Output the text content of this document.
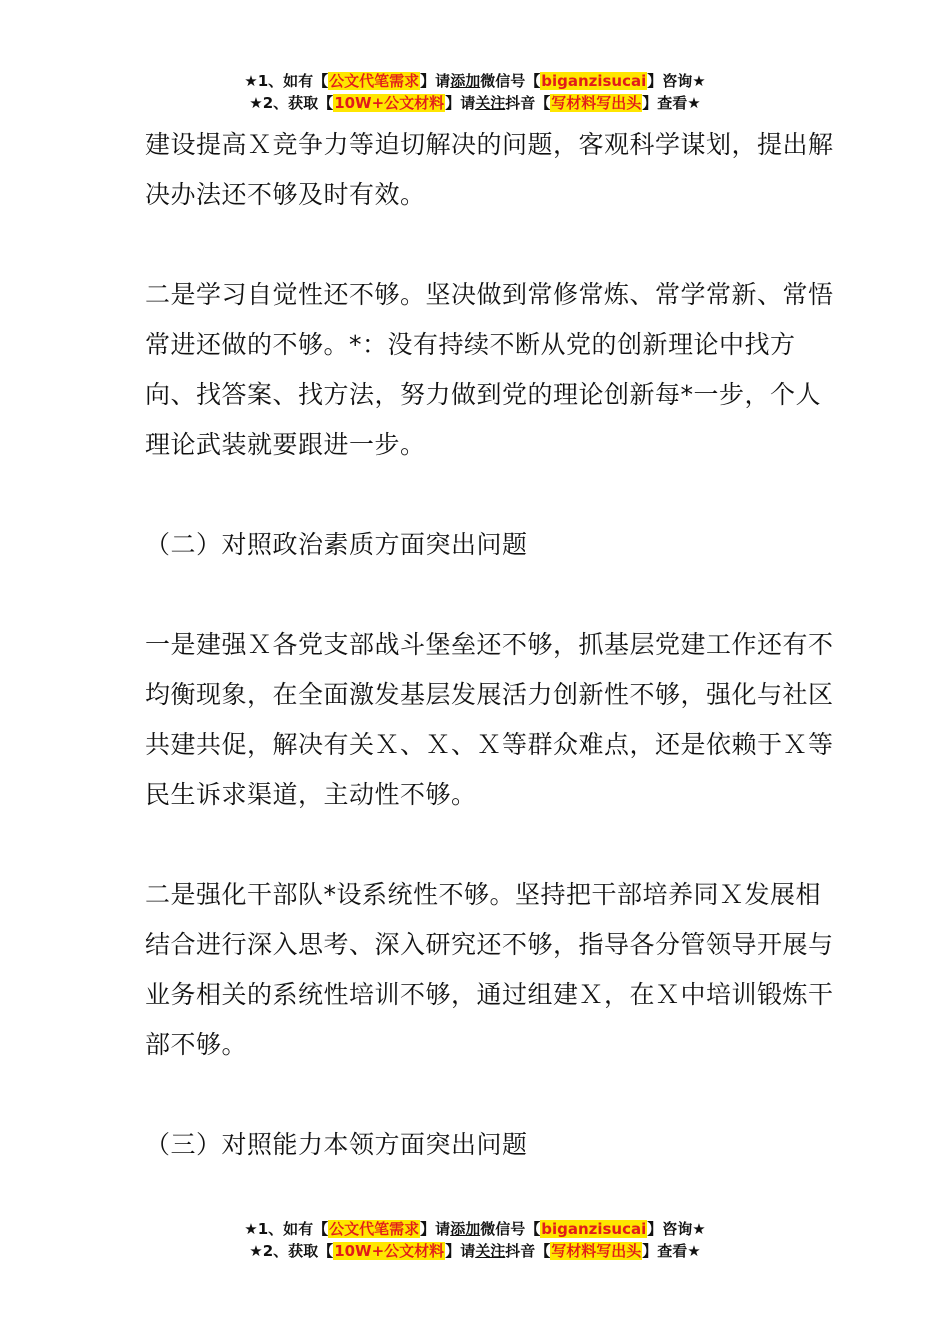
★1、如有【公文代笔需求】请添加微信号【biganzisucai】咨询★
★2、获取【10W+公文材料】请关注抖音【写材料写出头】查看★

建设提高Ｘ竞争力等迫切解决的问题，客观科学谋划，提出解决办法还不够及时有效。

二是学习自觉性还不够。坚决做到常修常炼、常学常新、常悟常进还做的不够。*：没有持续不断从党的创新理论中找方向、找答案、找方法，努力做到党的理论创新每*一步，个人理论武装就要跟进一步。

（二）对照政治素质方面突出问题

一是建强Ｘ各党支部战斗堡垒还不够，抓基层党建工作还有不均衡现象，在全面激发基层发展活力创新性不够，强化与社区共建共促，解决有关Ｘ、Ｘ、Ｘ等群众难点，还是依赖于Ｘ等民生诉求渠道，主动性不够。

二是强化干部队*设系统性不够。坚持把干部培养同Ｘ发展相结合进行深入思考、深入研究还不够，指导各分管领导开展与业务相关的系统性培训不够，通过组建Ｘ，在Ｘ中培训锻炼干部不够。

（三）对照能力本领方面突出问题

★1、如有【公文代笔需求】请添加微信号【biganzisucai】咨询★
★2、获取【10W+公文材料】请关注抖音【写材料写出头】查看★
